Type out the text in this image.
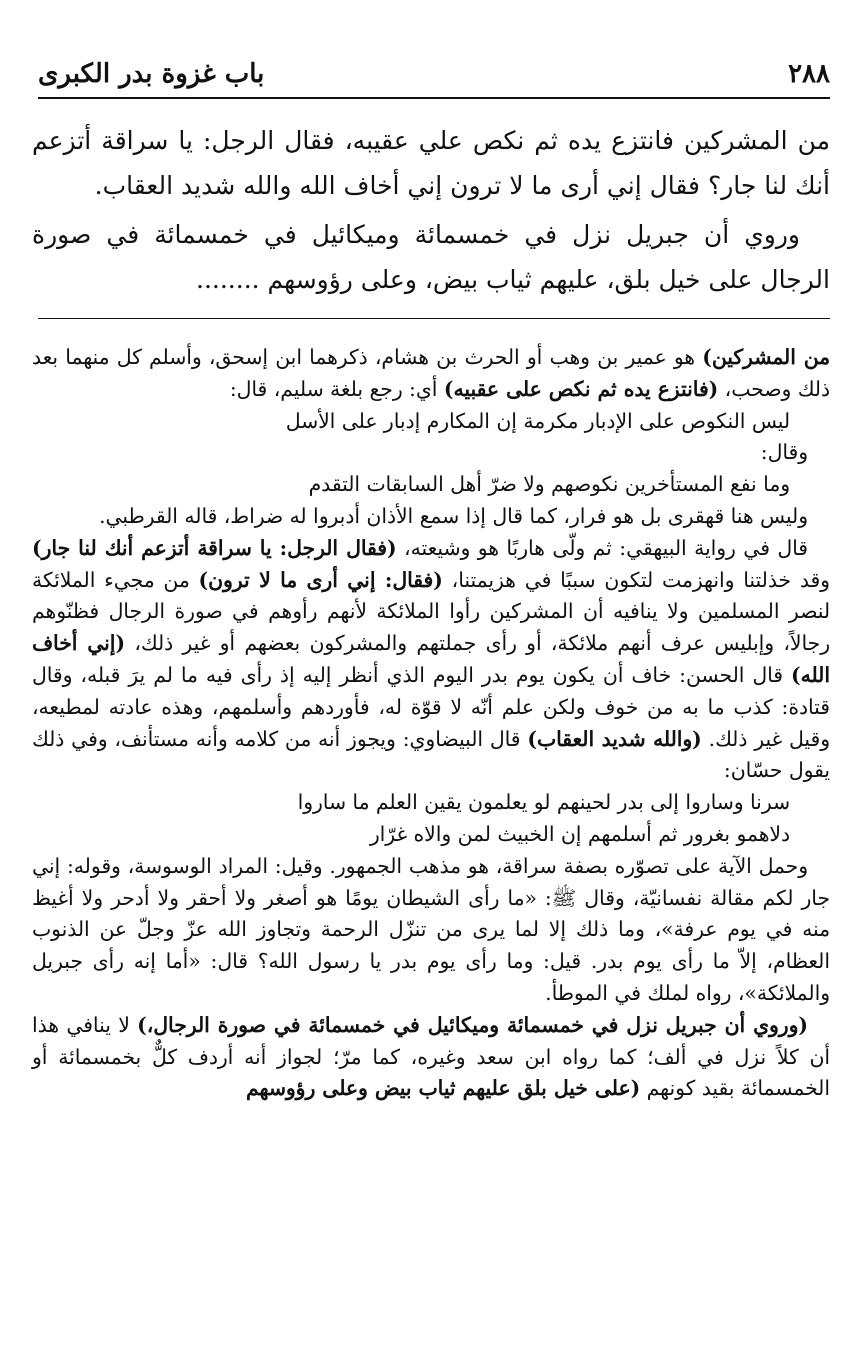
٢٨٨
باب غزوة بدر الكبرى

من المشركين فانتزع يده ثم نكص علي عقيبه، فقال الرجل: يا سراقة أتزعم أنك لنا جار؟ فقال إني أرى ما لا ترون إني أخاف الله والله شديد العقاب.

وروي أن جبريل نزل في خمسمائة وميكائيل في خمسمائة في صورة الرجال على خيل بلق، عليهم ثياب بيض، وعلى رؤوسهم ........

من المشركين) هو عمير بن وهب أو الحرث بن هشام، ذكرهما ابن إسحق، وأسلم كل منهما بعد ذلك وصحب، (فانتزع يده ثم نكص على عقبيه) أي: رجع بلغة سليم، قال:

ليس النكوص على الإدبار مكرمة إن المكارم إدبار على الأسل

وقال:

وما نفع المستأخرين نكوصهم ولا ضرّ أهل السابقات التقدم

وليس هنا قهقرى بل هو فرار، كما قال إذا سمع الأذان أدبروا له ضراط، قاله القرطبي.

قال في رواية البيهقي: ثم ولّى هاربًا هو وشيعته، (فقال الرجل: يا سراقة أتزعم أنك لنا جار) وقد خذلتنا وانهزمت لتكون سببًا في هزيمتنا، (فقال: إني أرى ما لا ترون) من مجيء الملائكة لنصر المسلمين ولا ينافيه أن المشركين رأوا الملائكة لأنهم رأوهم في صورة الرجال فظنّوهم رجالاً، وإبليس عرف أنهم ملائكة، أو رأى جملتهم والمشركون بعضهم أو غير ذلك، (إني أخاف الله) قال الحسن: خاف أن يكون يوم بدر اليوم الذي أنظر إليه إذ رأى فيه ما لم يرَ قبله، وقال قتادة: كذب ما به من خوف ولكن علم أنّه لا قوّة له، فأوردهم وأسلمهم، وهذه عادته لمطيعه، وقيل غير ذلك. (والله شديد العقاب) قال البيضاوي: ويجوز أنه من كلامه وأنه مستأنف، وفي ذلك يقول حسّان:

سرنا وساروا إلى بدر لحينهم لو يعلمون يقين العلم ما ساروا

دلاهمو بغرور ثم أسلمهم إن الخبيث لمن والاه غرّار

وحمل الآية على تصوّره بصفة سراقة، هو مذهب الجمهور. وقيل: المراد الوسوسة، وقوله: إني جار لكم مقالة نفسانيّة، وقال ﷺ: «ما رأى الشيطان يومًا هو أصغر ولا أحقر ولا أدحر ولا أغيظ منه في يوم عرفة»، وما ذلك إلا لما يرى من تنزّل الرحمة وتجاوز الله عزّ وجلّ عن الذنوب العظام، إلاّ ما رأى يوم بدر. قيل: وما رأى يوم بدر يا رسول الله؟ قال: «أما إنه رأى جبريل والملائكة»، رواه لملك في الموطأ.

(وروي أن جبريل نزل في خمسمائة وميكائيل في خمسمائة في صورة الرجال،) لا ينافي هذا أن كلاً نزل في ألف؛ كما رواه ابن سعد وغيره، كما مرّ؛ لجواز أنه أردف كلٌّ بخمسمائة أو الخمسمائة بقيد كونهم (على خيل بلق عليهم ثياب بيض وعلى رؤوسهم
